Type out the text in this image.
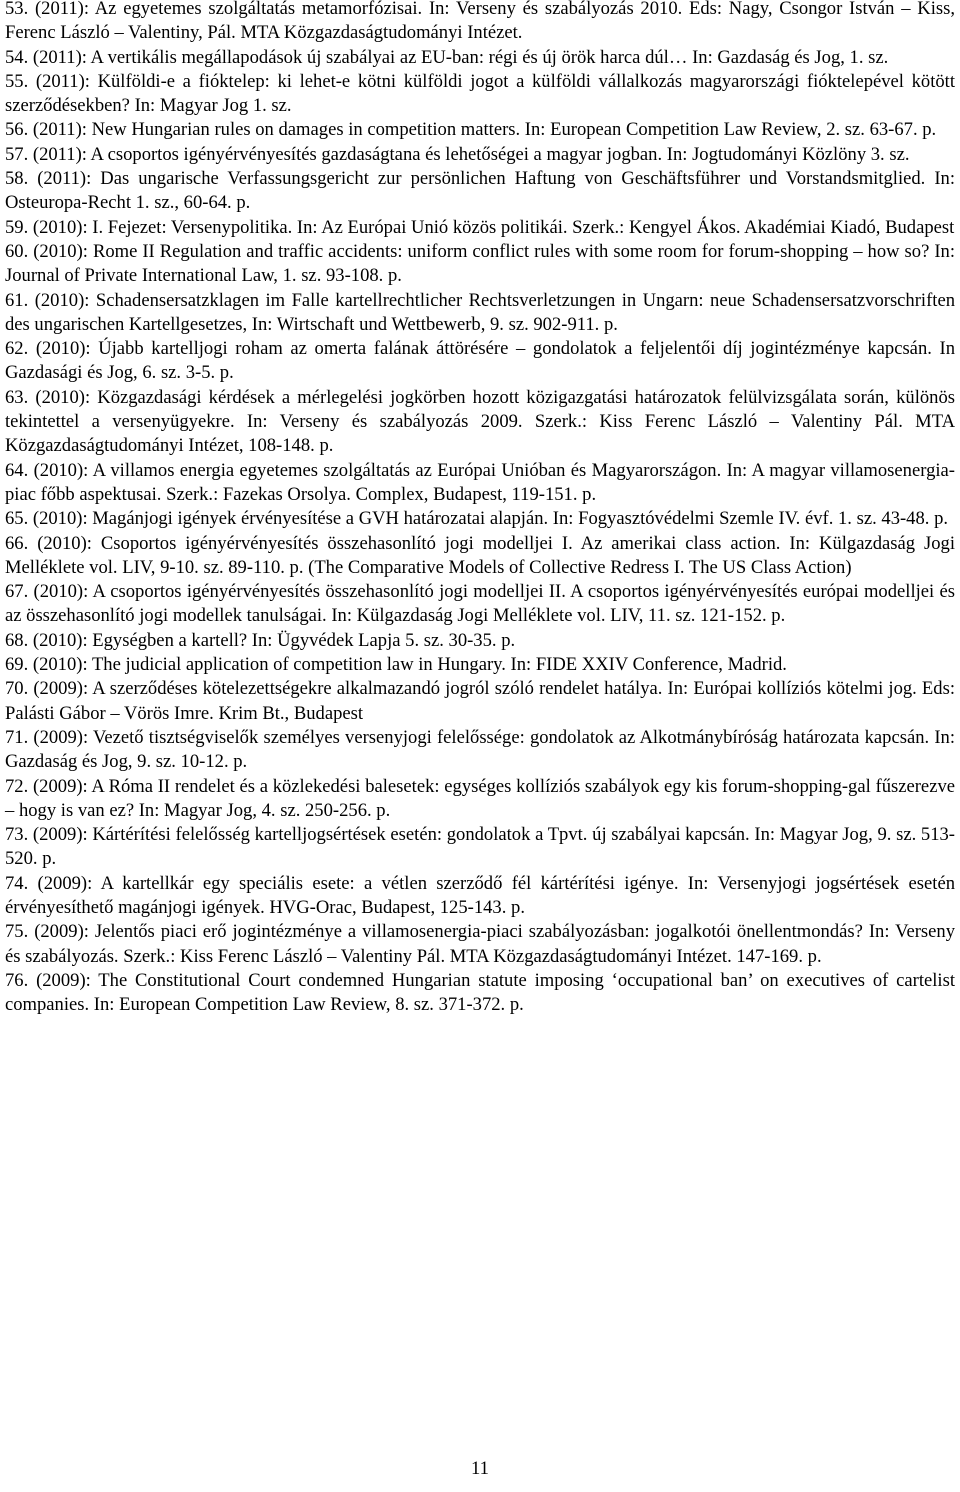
53. (2011): Az egyetemes szolgáltatás metamorfózisai. In: Verseny és szabályozás 2010. Eds: Nagy, Csongor István – Kiss, Ferenc László – Valentiny, Pál. MTA Közgazdaságtudományi Intézet.

54. (2011): A vertikális megállapodások új szabályai az EU-ban: régi és új örök harca dúl… In: Gazdaság és Jog, 1. sz.

55. (2011): Külföldi-e a fióktelep: ki lehet-e kötni külföldi jogot a külföldi vállalkozás magyarországi fióktelepével kötött szerződésekben? In: Magyar Jog 1. sz.

56. (2011): New Hungarian rules on damages in competition matters. In: European Competition Law Review, 2. sz. 63-67. p.

57. (2011): A csoportos igényérvényesítés gazdaságtana és lehetőségei a magyar jogban. In: Jogtudományi Közlöny 3. sz.

58. (2011): Das ungarische Verfassungsgericht zur persönlichen Haftung von Geschäftsführer und Vorstandsmitglied. In: Osteuropa-Recht 1. sz., 60-64. p.

59. (2010): I. Fejezet: Versenypolitika. In: Az Európai Unió közös politikái. Szerk.: Kengyel Ákos. Akadémiai Kiadó, Budapest

60. (2010): Rome II Regulation and traffic accidents: uniform conflict rules with some room for forum-shopping – how so? In: Journal of Private International Law, 1. sz. 93-108. p.

61. (2010): Schadensersatzklagen im Falle kartellrechtlicher Rechtsverletzungen in Ungarn: neue Schadensersatzvorschriften des ungarischen Kartellgesetzes, In: Wirtschaft und Wettbewerb, 9. sz. 902-911. p.

62. (2010): Újabb kartelljogi roham az omerta falának áttörésére – gondolatok a feljelentői díj jogintézménye kapcsán. In Gazdasági és Jog, 6. sz. 3-5. p.

63. (2010): Közgazdasági kérdések a mérlegelési jogkörben hozott közigazgatási határozatok felülvizsgálata során, különös tekintettel a versenyügyekre. In: Verseny és szabályozás 2009. Szerk.: Kiss Ferenc László – Valentiny Pál. MTA Közgazdaságtudományi Intézet, 108-148. p.

64. (2010): A villamos energia egyetemes szolgáltatás az Európai Unióban és Magyarországon. In: A magyar villamosenergia-piac főbb aspektusai. Szerk.: Fazekas Orsolya. Complex, Budapest, 119-151. p.

65. (2010): Magánjogi igények érvényesítése a GVH határozatai alapján. In: Fogyasztóvédelmi Szemle IV. évf. 1. sz. 43-48. p.

66. (2010): Csoportos igényérvényesítés összehasonlító jogi modelljei I. Az amerikai class action. In: Külgazdaság Jogi Melléklete vol. LIV, 9-10. sz. 89-110. p. (The Comparative Models of Collective Redress I. The US Class Action)

67. (2010): A csoportos igényérvényesítés összehasonlító jogi modelljei II. A csoportos igényérvényesítés európai modelljei és az összehasonlító jogi modellek tanulságai. In: Külgazdaság Jogi Melléklete vol. LIV, 11. sz. 121-152. p.

68. (2010): Egységben a kartell? In: Ügyvédek Lapja 5. sz. 30-35. p.

69. (2010): The judicial application of competition law in Hungary. In: FIDE XXIV Conference, Madrid.

70. (2009): A szerződéses kötelezettségekre alkalmazandó jogról szóló rendelet hatálya. In: Európai kollíziós kötelmi jog. Eds: Palásti Gábor – Vörös Imre. Krim Bt., Budapest

71. (2009): Vezető tisztségviselők személyes versenyjogi felelőssége: gondolatok az Alkotmánybíróság határozata kapcsán. In: Gazdaság és Jog, 9. sz. 10-12. p.

72. (2009): A Róma II rendelet és a közlekedési balesetek: egységes kollíziós szabályok egy kis forum-shopping-gal fűszerezve – hogy is van ez? In: Magyar Jog, 4. sz. 250-256. p.

73. (2009): Kártérítési felelősség kartelljogsértések esetén: gondolatok a Tpvt. új szabályai kapcsán. In: Magyar Jog, 9. sz. 513-520. p.

74. (2009): A kartellkár egy speciális esete: a vétlen szerződő fél kártérítési igénye. In: Versenyjogi jogsértések esetén érvényesíthető magánjogi igények. HVG-Orac, Budapest, 125-143. p.

75. (2009): Jelentős piaci erő jogintézménye a villamosenergia-piaci szabályozásban: jogalkotói önellentmondás? In: Verseny és szabályozás. Szerk.: Kiss Ferenc László – Valentiny Pál. MTA Közgazdaságtudományi Intézet. 147-169. p.

76. (2009): The Constitutional Court condemned Hungarian statute imposing ‘occupational ban’ on executives of cartelist companies. In: European Competition Law Review, 8. sz. 371-372. p.

11
